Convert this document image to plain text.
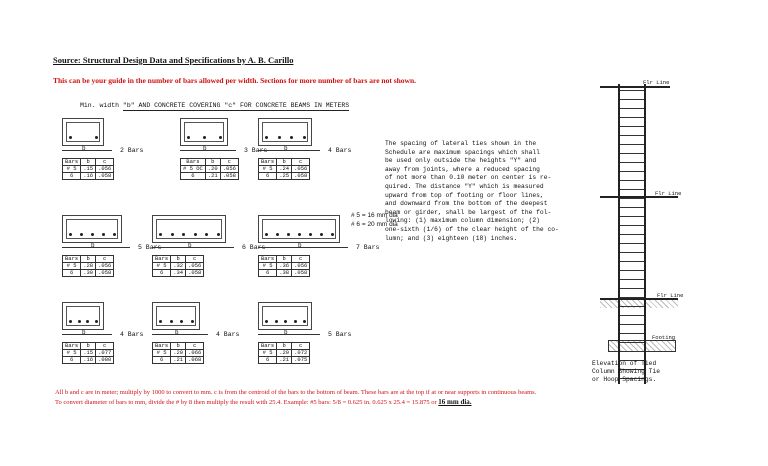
Source: Structural Design Data and Specifications by A. B. Carillo
This can be your guide in the number of bars allowed per width. Sections for more number of bars are not shown.
Min. width "b" AND CONCRETE COVERING "c" FOR CONCRETE BEAMS IN METERS
b	2 Bars
Bars	b	c
# 5	.15	.056
6	.16	.058
b	3 Bars
Bars	b	c
# 5 OC	.20	.056
6	.21	.058
b	4 Bars
Bars	b	c
# 5	.24	.056
6	.25	.058
b	5 Bars
Bars	b	c
# 5	.28	.056
6	.30	.058
b	6 Bars
Bars	b	c
# 5	.32	.056
6	.34	.058
b	7 Bars
Bars	b	c
# 5	.36	.056
6	.38	.058
b	4 Bars
Bars	b	c
# 5	.15	.077
6	.16	.080
b	4 Bars
Bars	b	c
# 5	.20	.066
6	.21	.068
b	5 Bars
Bars	b	c
# 5	.20	.072
6	.21	.075
# 5 = 16 mm dia
# 6 = 20 mm dia
The spacing of lateral ties shown in the
Schedule are maximum spacings which shall
be used only outside the heights "Y" and
away from joints, where a reduced spacing
of not more than 0.10 meter on center is re-
quired. The distance "Y" which is measured
upward from top of footing or floor lines,
and downward from the bottom of the deepest
beam or girder, shall be largest of the fol-
lowing: (1) maximum column dimension; (2)
one-sixth (1/6) of the clear height of the co-
lumn; and (3) eighteen (18) inches.
Flr Line
Flr Line
Flr Line
Footing
Elevation of Tied
Column Showing Tie
or Hoop Spacings.
All b and c are in meter; multiply by 1000 to convert to mm. c is from the centroid of the bars to the bottom of beam. These bars are at the top if at or near supports in continuous beams.
To convert diameter of bars to mm, divide the # by 8 then multiply the result with 25.4. Example: #5 bars: 5/8 = 0.625 in. 0.625 x 25.4 = 15.875 or 16 mm dia.
